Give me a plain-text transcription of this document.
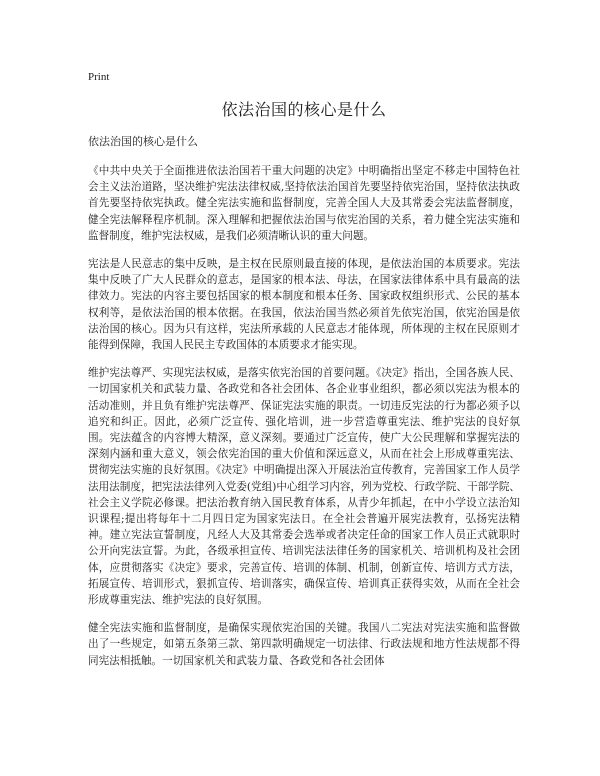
Print
依法治国的核心是什么
依法治国的核心是什么

《中共中央关于全面推进依法治国若干重大问题的决定》中明确指出坚定不移走中国特色社会主义法治道路，坚决维护宪法法律权威,坚持依法治国首先要坚持依宪治国，坚持依法执政首先要坚持依宪执政。健全宪法实施和监督制度，完善全国人大及其常委会宪法监督制度，健全宪法解释程序机制。深入理解和把握依法治国与依宪治国的关系，着力健全宪法实施和监督制度，维护宪法权威，是我们必须清晰认识的重大问题。

宪法是人民意志的集中反映，是主权在民原则最直接的体现，是依法治国的本质要求。宪法集中反映了广大人民群众的意志，是国家的根本法、母法，在国家法律体系中具有最高的法律效力。宪法的内容主要包括国家的根本制度和根本任务、国家政权组织形式、公民的基本权利等，是依法治国的根本依据。在我国，依法治国当然必须首先依宪治国，依宪治国是依法治国的核心。因为只有这样，宪法所承载的人民意志才能体现，所体现的主权在民原则才能得到保障，我国人民民主专政国体的本质要求才能实现。

维护宪法尊严、实现宪法权威，是落实依宪治国的首要问题。《决定》指出，全国各族人民、一切国家机关和武装力量、各政党和各社会团体、各企业事业组织，都必须以宪法为根本的活动准则，并且负有维护宪法尊严、保证宪法实施的职责。一切违反宪法的行为都必须予以追究和纠正。因此，必须广泛宣传、强化培训，进一步营造尊重宪法、维护宪法的良好氛围。宪法蕴含的内容博大精深，意义深刻。要通过广泛宣传，使广大公民理解和掌握宪法的深刻内涵和重大意义，领会依宪治国的重大价值和深远意义，从而在社会上形成尊重宪法、贯彻宪法实施的良好氛围。《决定》中明确提出深入开展法治宣传教育，完善国家工作人员学法用法制度，把宪法法律列入党委(党组)中心组学习内容，列为党校、行政学院、干部学院、社会主义学院必修课。把法治教育纳入国民教育体系，从青少年抓起，在中小学设立法治知识课程;提出将每年十二月四日定为国家宪法日。在全社会普遍开展宪法教育，弘扬宪法精神。建立宪法宣誓制度，凡经人大及其常委会选举或者决定任命的国家工作人员正式就职时公开向宪法宣誓。为此，各级承担宣传、培训宪法法律任务的国家机关、培训机构及社会团体，应贯彻落实《决定》要求，完善宣传、培训的体制、机制，创新宣传、培训方式方法，拓展宣传、培训形式，狠抓宣传、培训落实，确保宣传、培训真正获得实效，从而在全社会形成尊重宪法、维护宪法的良好氛围。

健全宪法实施和监督制度，是确保实现依宪治国的关键。我国八二宪法对宪法实施和监督做出了一些规定，如第五条第三款、第四款明确规定一切法律、行政法规和地方性法规都不得同宪法相抵触。一切国家机关和武装力量、各政党和各社会团体
